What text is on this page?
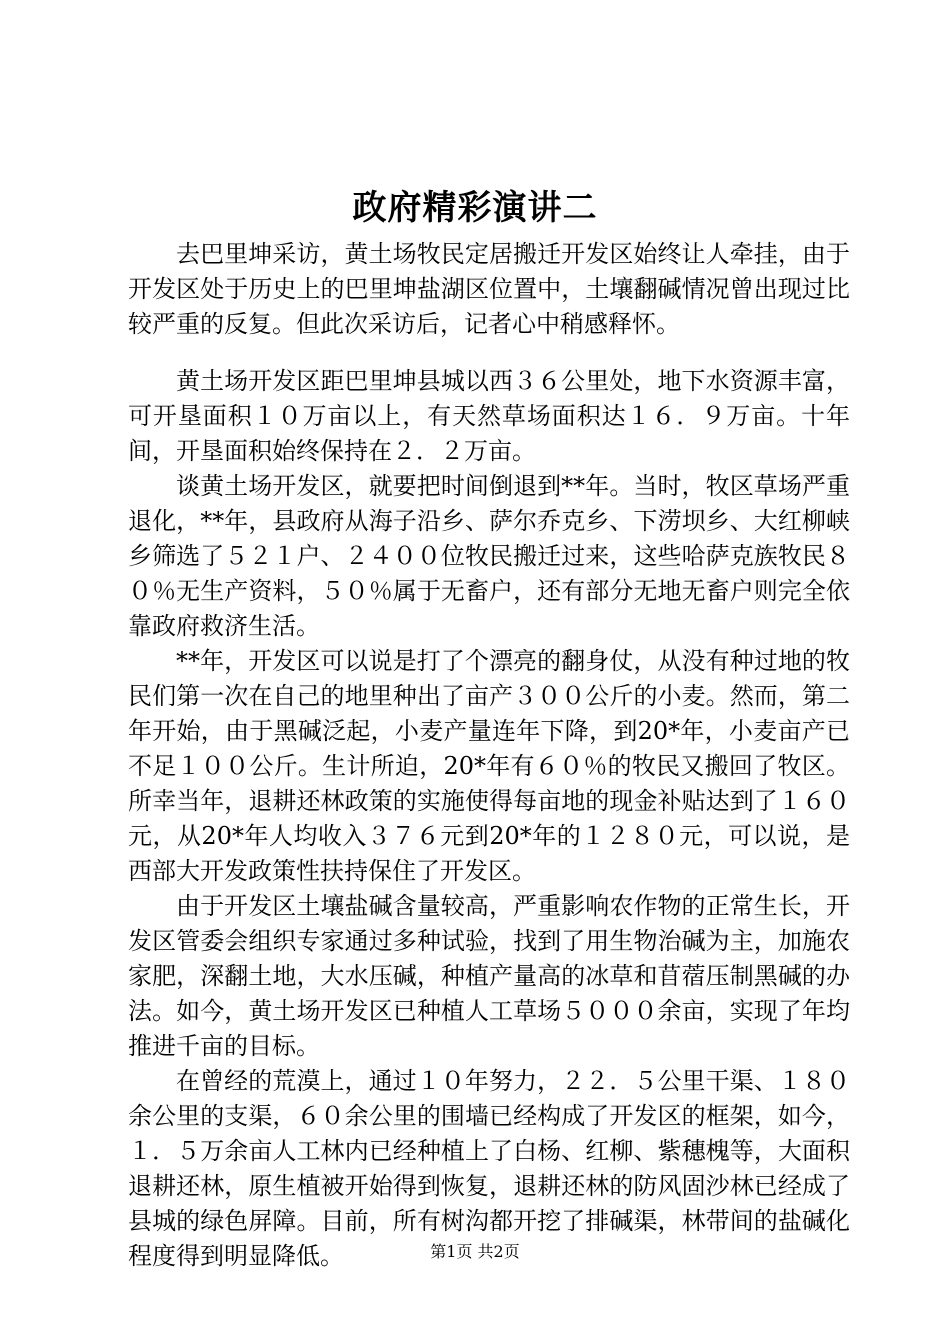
政府精彩演讲二

去巴里坤采访，黄土场牧民定居搬迁开发区始终让人牵挂，由于开发区处于历史上的巴里坤盐湖区位置中，土壤翻碱情况曾出现过比较严重的反复。但此次采访后，记者心中稍感释怀。

黄土场开发区距巴里坤县城以西３６公里处，地下水资源丰富，可开垦面积１０万亩以上，有天然草场面积达１６．９万亩。十年间，开垦面积始终保持在２．２万亩。

谈黄土场开发区，就要把时间倒退到**年。当时，牧区草场严重退化，**年，县政府从海子沿乡、萨尔乔克乡、下涝坝乡、大红柳峡乡筛选了５２１户、２４００位牧民搬迁过来，这些哈萨克族牧民８０％无生产资料，５０％属于无畜户，还有部分无地无畜户则完全依靠政府救济生活。

**年，开发区可以说是打了个漂亮的翻身仗，从没有种过地的牧民们第一次在自己的地里种出了亩产３００公斤的小麦。然而，第二年开始，由于黑碱泛起，小麦产量连年下降，到20*年，小麦亩产已不足１００公斤。生计所迫，20*年有６０％的牧民又搬回了牧区。所幸当年，退耕还林政策的实施使得每亩地的现金补贴达到了１６０元，从20*年人均收入３７６元到20*年的１２８０元，可以说，是西部大开发政策性扶持保住了开发区。

由于开发区土壤盐碱含量较高，严重影响农作物的正常生长，开发区管委会组织专家通过多种试验，找到了用生物治碱为主，加施农家肥，深翻土地，大水压碱，种植产量高的冰草和苜蓿压制黑碱的办法。如今，黄土场开发区已种植人工草场５０００余亩，实现了年均推进千亩的目标。

在曾经的荒漠上，通过１０年努力，２２．５公里干渠、１８０余公里的支渠，６０余公里的围墙已经构成了开发区的框架，如今，１．５万余亩人工林内已经种植上了白杨、红柳、紫穗槐等，大面积退耕还林，原生植被开始得到恢复，退耕还林的防风固沙林已经成了县城的绿色屏障。目前，所有树沟都开挖了排碱渠，林带间的盐碱化程度得到明显降低。	第1页 共2页
